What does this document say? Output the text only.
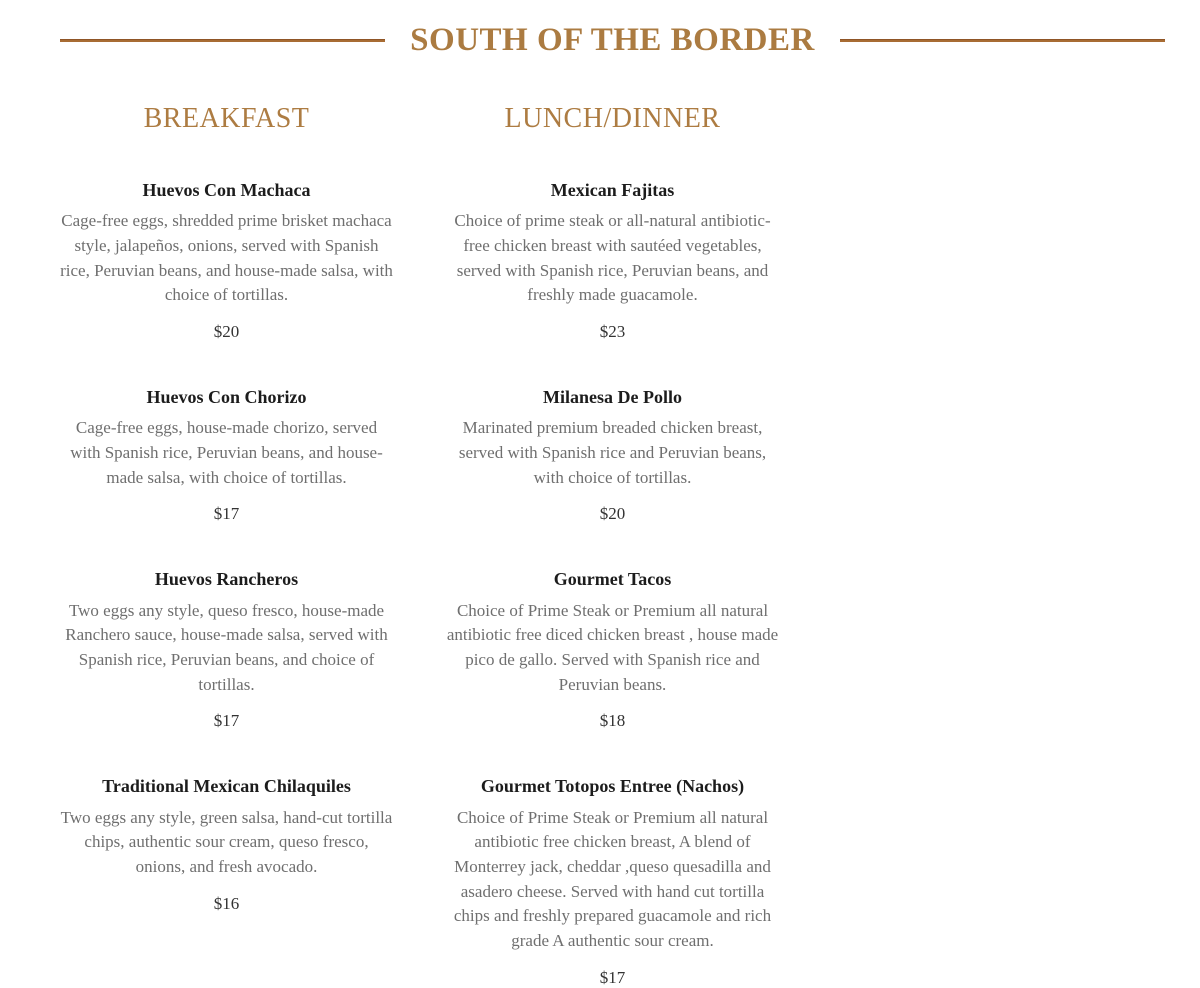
SOUTH OF THE BORDER
BREAKFAST	LUNCH/DINNER
Huevos Con Machaca

Cage-free eggs, shredded prime brisket machaca style, jalapeños, onions, served with Spanish rice, Peruvian beans, and house-made salsa, with choice of tortillas.

$20

Mexican Fajitas

Choice of prime steak or all-natural antibiotic-free chicken breast with sautéed vegetables, served with Spanish rice, Peruvian beans, and freshly made guacamole.

$23

Huevos Con Chorizo

Cage-free eggs, house-made chorizo, served with Spanish rice, Peruvian beans, and house-made salsa, with choice of tortillas.

$17

Milanesa De Pollo

Marinated premium breaded chicken breast, served with Spanish rice and Peruvian beans, with choice of tortillas.

$20

Huevos Rancheros

Two eggs any style, queso fresco, house-made Ranchero sauce, house-made salsa, served with Spanish rice, Peruvian beans, and choice of tortillas.

$17

Gourmet Tacos

Choice of Prime Steak or Premium all natural antibiotic free diced chicken breast , house made pico de gallo. Served with Spanish rice and Peruvian beans.

$18

Traditional Mexican Chilaquiles

Two eggs any style, green salsa, hand-cut tortilla chips, authentic sour cream, queso fresco, onions, and fresh avocado.

$16

Gourmet Totopos Entree (Nachos)

Choice of Prime Steak or Premium all natural antibiotic free chicken breast, A blend of Monterrey jack, cheddar ,queso quesadilla and asadero cheese. Served with hand cut tortilla chips and freshly prepared guacamole and rich grade A authentic sour cream.

$17
